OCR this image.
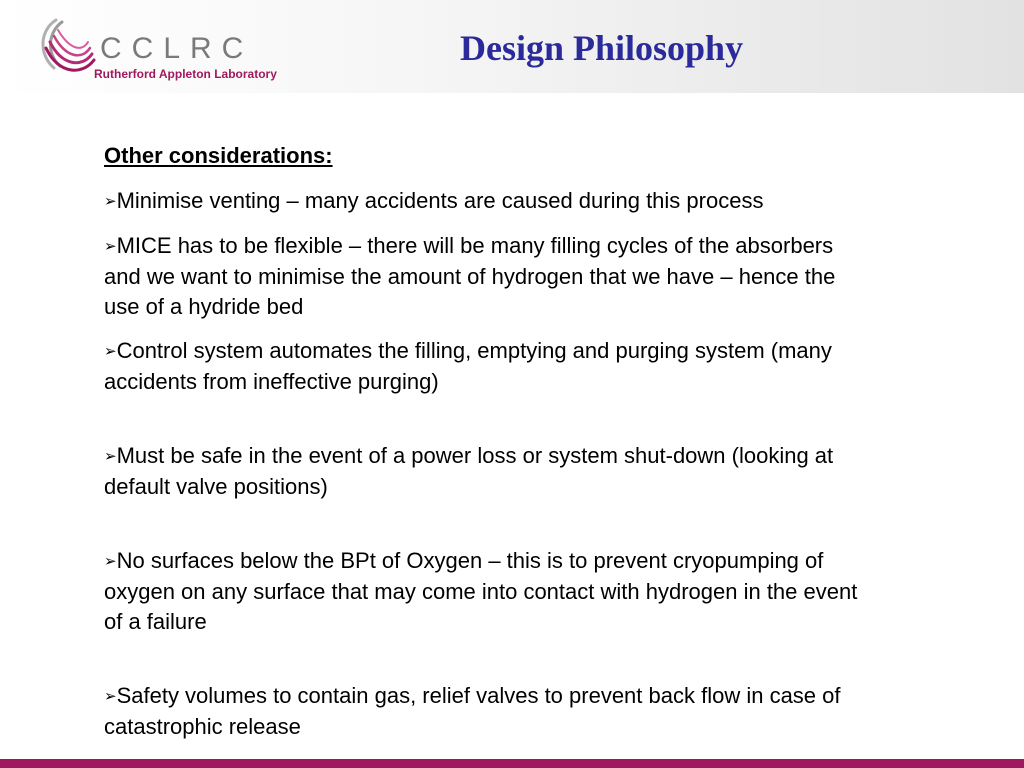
CCLRC
Rutherford Appleton Laboratory
Design Philosophy
Other considerations:
➢Minimise venting – many accidents are caused during this process
➢MICE has to be flexible – there will be many filling cycles of the absorbers and we want to minimise the amount of hydrogen that we have – hence the use of a hydride bed
➢Control system automates the filling, emptying and purging system (many accidents from ineffective purging)
➢Must be safe in the event of a power loss or system shut-down (looking at default valve positions)
➢No surfaces below the BPt of Oxygen – this is to prevent cryopumping of oxygen on any surface that may come into contact with hydrogen in the event of a failure
➢Safety volumes to contain gas, relief valves to prevent back flow in case of catastrophic release
